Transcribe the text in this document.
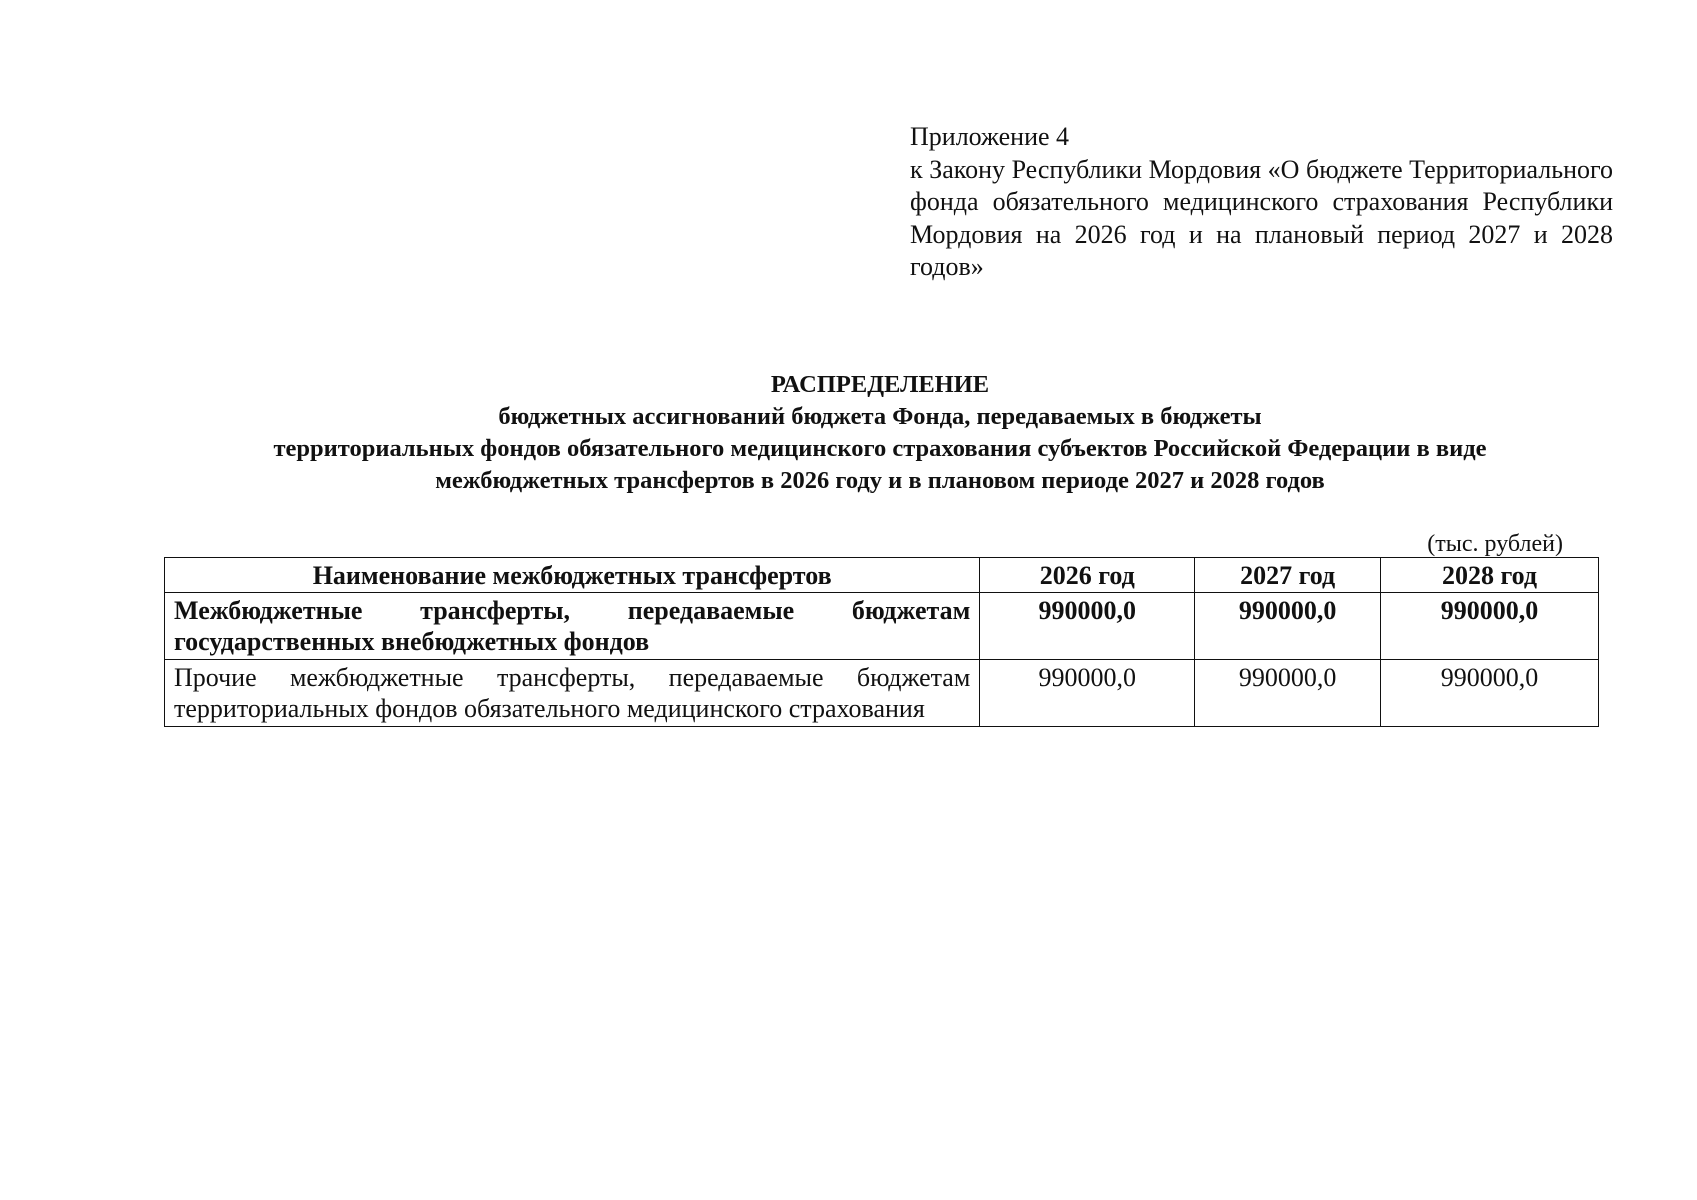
Приложение 4
к Закону Республики Мордовия «О бюджете Территориального фонда обязательного медицинского страхования Республики Мордовия на 2026 год и на плановый период 2027 и 2028 годов»
РАСПРЕДЕЛЕНИЕ
бюджетных ассигнований бюджета Фонда, передаваемых в бюджеты
территориальных фондов обязательного медицинского страхования субъектов Российской Федерации в виде
межбюджетных трансфертов в 2026 году и в плановом периоде 2027 и 2028 годов
(тыс. рублей)
Наименование межбюджетных трансфертов	2026 год	2027 год	2028 год
Межбюджетные трансферты, передаваемые бюджетам государственных внебюджетных фондов	990000,0	990000,0	990000,0
Прочие межбюджетные трансферты, передаваемые бюджетам территориальных фондов обязательного медицинского страхования	990000,0	990000,0	990000,0
